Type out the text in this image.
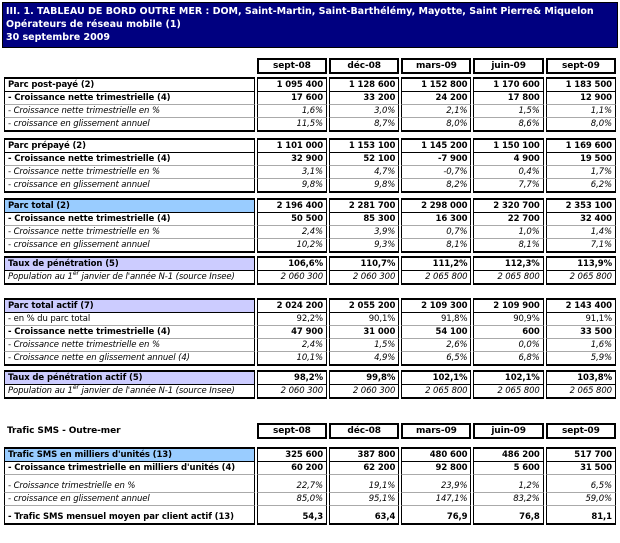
III. 1. TABLEAU DE BORD OUTRE MER : DOM, Saint-Martin, Saint-Barthélémy, Mayotte, Saint Pierre& Miquelon
Opérateurs de réseau mobile (1)
30 septembre 2009
	sept-08	déc-08	mars-09	juin-09	sept-09
Parc post-payé (2)	1 095 400	1 128 600	1 152 800	1 170 600	1 183 500
- Croissance nette trimestrielle (4)	17 600	33 200	24 200	17 800	12 900
- Croissance nette trimestrielle en %	1,6%	3,0%	2,1%	1,5%	1,1%
- croissance en glissement annuel	11,5%	8,7%	8,0%	8,6%	8,0%
Parc prépayé (2)	1 101 000	1 153 100	1 145 200	1 150 100	1 169 600
- Croissance nette trimestrielle (4)	32 900	52 100	-7 900	4 900	19 500
- Croissance nette trimestrielle en %	3,1%	4,7%	-0,7%	0,4%	1,7%
- croissance en glissement annuel	9,8%	9,8%	8,2%	7,7%	6,2%
Parc total (2)	2 196 400	2 281 700	2 298 000	2 320 700	2 353 100
- Croissance nette trimestrielle (4)	50 500	85 300	16 300	22 700	32 400
- Croissance nette trimestrielle en %	2,4%	3,9%	0,7%	1,0%	1,4%
- croissance en glissement annuel	10,2%	9,3%	8,1%	8,1%	7,1%
Taux de pénétration (5)	106,6%	110,7%	111,2%	112,3%	113,9%
Population au 1er janvier de l'année N-1 (source Insee)	2 060 300	2 060 300	2 065 800	2 065 800	2 065 800
Parc total actif (7)	2 024 200	2 055 200	2 109 300	2 109 900	2 143 400
- en % du parc total	92,2%	90,1%	91,8%	90,9%	91,1%
- Croissance nette trimestrielle (4)	47 900	31 000	54 100	600	33 500
- Croissance nette trimestrielle en %	2,4%	1,5%	2,6%	0,0%	1,6%
- Croissance nette en glissement annuel (4)	10,1%	4,9%	6,5%	6,8%	5,9%
Taux de pénétration actif (5)	98,2%	99,8%	102,1%	102,1%	103,8%
Population au 1er janvier de l'année N-1 (source Insee)	2 060 300	2 060 300	2 065 800	2 065 800	2 065 800
Trafic SMS - Outre-mer	sept-08	déc-08	mars-09	juin-09	sept-09
Trafic SMS en milliers d'unités (13)	325 600	387 800	480 600	486 200	517 700
- Croissance trimestrielle en milliers d'unités (4)	60 200	62 200	92 800	5 600	31 500
- Croissance trimestrielle en %	22,7%	19,1%	23,9%	1,2%	6,5%
- croissance en glissement annuel	85,0%	95,1%	147,1%	83,2%	59,0%
- Trafic SMS mensuel moyen par client actif (13)	54,3	63,4	76,9	76,8	81,1
